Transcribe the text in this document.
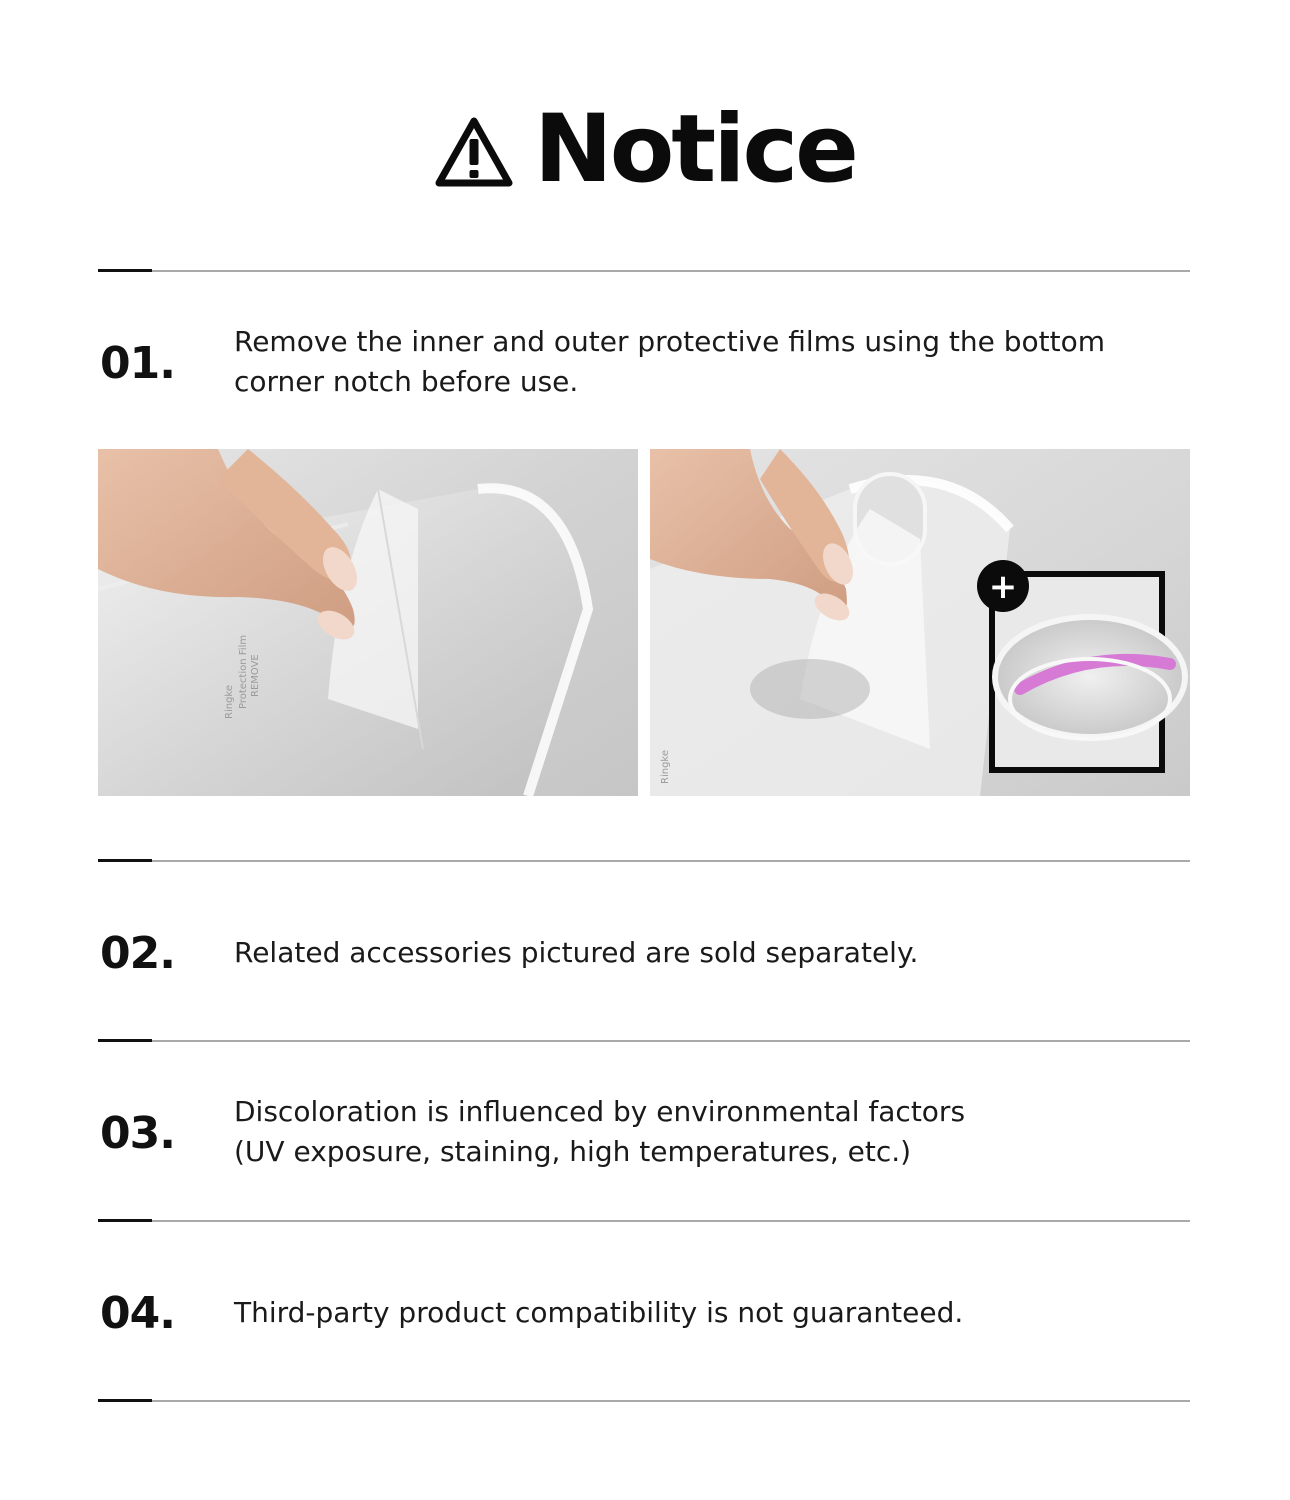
Notice
01. Remove the inner and outer protective films using the bottom
corner notch before use.

REMOVE
Protection Film
Ringke
Ringke
+
02. Related accessories pictured are sold separately.

03. Discoloration is influenced by environmental factors
(UV exposure, staining, high temperatures, etc.)

04. Third-party product compatibility is not guaranteed.
